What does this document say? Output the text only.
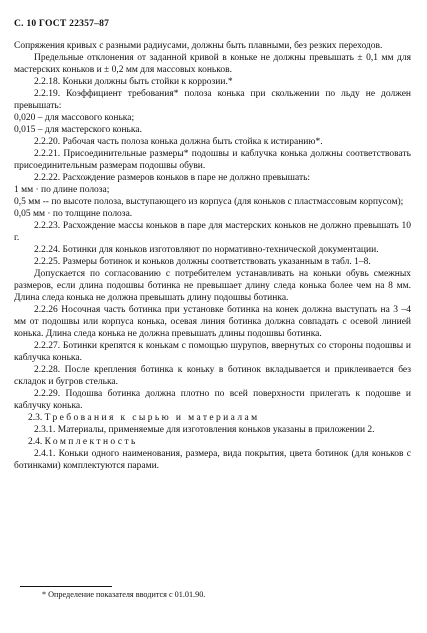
С. 10 ГОСТ 22357–87

Сопряжения кривых с разными радиусами, должны быть плавными, без резких переходов.

Предельные отклонения от заданной кривой в коньке не должны превышать ± 0,1 мм для мастерских коньков и ± 0,2 мм для массовых коньков.

2.2.18. Коньки должны быть стойки к коррозии.*

2.2.19. Коэффициент требования* полоза конька при скольжении по льду не должен превышать:

0,020 – для массового конька;

0,015 – для мастерского конька.

2.2.20. Рабочая часть полоза конька должна быть стойка к истиранию*.

2.2.21. Присоединительные размеры* подошвы и каблучка конька должны соответствовать присоединительным размерам подошвы обуви.

2.2.22. Расхождение размеров коньков в паре не должно превышать:

1 мм · по длине полоза;

0,5 мм -- по высоте полоза, выступающего из корпуса (для коньков с пластмассовым корпусом);

0,05 мм · по толщине полоза.

2.2.23. Расхождение массы коньков в паре для мастерских коньков не должно превышать 10 г.

2.2.24. Ботинки для коньков изготовляют по нормативно-технической документации.

2.2.25. Размеры ботинок и коньков должны соответствовать указанным в табл. 1–8.

Допускается по согласованию с потребителем устанавливать на коньки обувь смежных размеров, если длина подошвы ботинка не превышает длину следа конька более чем на 8 мм. Длина следа конька не должна превышать длину подошвы ботинка.

2.2.26 Носочная часть ботинка при установке ботинка на конек должна выступать на 3 –4 мм от подошвы или корпуса конька, осевая линия ботинка должна совпадать с осевой линией конька. Длина следа конька не должна превышать длины подошвы ботинка.

2.2.27. Ботинки крепятся к конькам с помощью шурупов, ввернутых со стороны подошвы и каблучка конька.

2.2.28. После крепления ботинка к коньку в ботинок вкладывается и приклеивается без складок и бугров стелька.

2.2.29. Подошва ботинка должна плотно по всей поверхности прилегать к подошве и каблучку конька.

2.3. Требования к сырью и материалам

2.3.1. Материалы, применяемые для изготовления коньков указаны в приложении 2.

2.4. Комплектность

2.4.1. Коньки одного наименования, размера, вида покрытия, цвета ботинок (для коньков с ботинками) комплектуются парами.

* Определение показателя вводится с 01.01.90.
